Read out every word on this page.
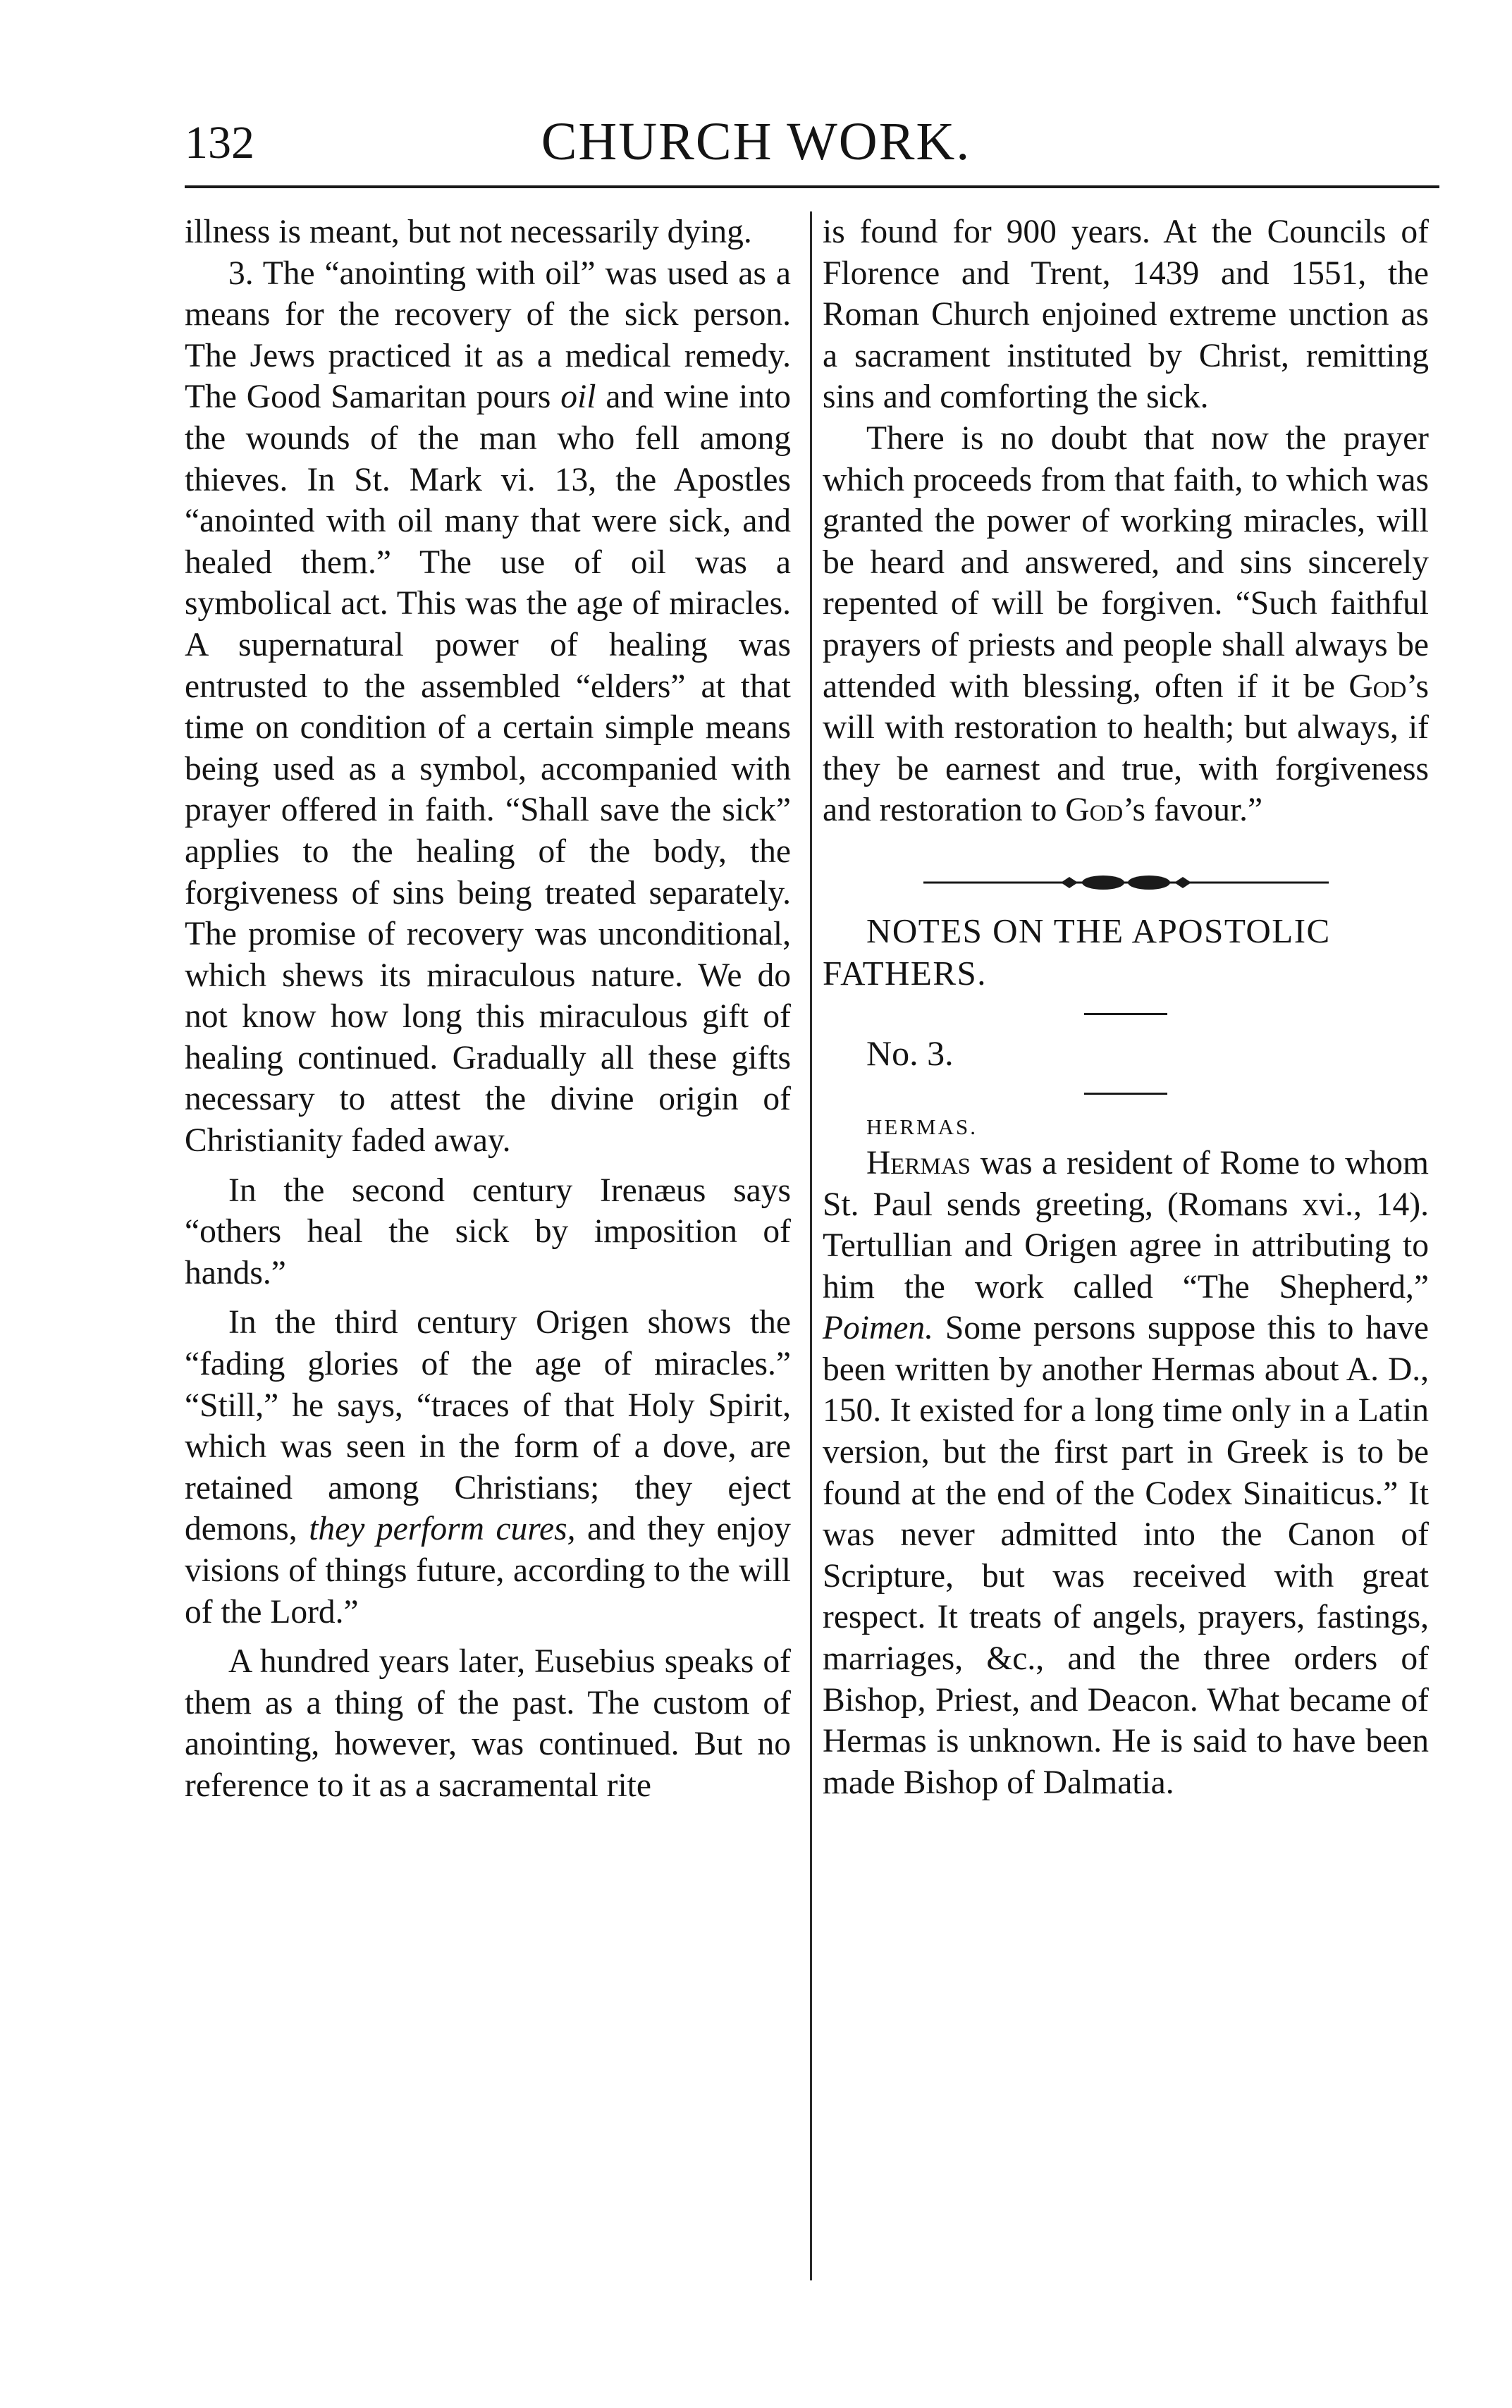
132	CHURCH WORK.

illness is meant, but not necessarily dying.

3. The “anointing with oil” was used as a means for the recovery of the sick person. The Jews practiced it as a medical remedy. The Good Samaritan pours oil and wine into the wounds of the man who fell among thieves. In St. Mark vi. 13, the Apostles “anointed with oil many that were sick, and healed them.” The use of oil was a symbolical act. This was the age of miracles. A supernatural power of healing was entrusted to the assembled “elders” at that time on condition of a certain simple means being used as a symbol, accompanied with prayer offered in faith. “Shall save the sick” applies to the healing of the body, the forgiveness of sins being treated separately. The promise of recovery was unconditional, which shews its miraculous nature. We do not know how long this miraculous gift of healing continued. Gradually all these gifts necessary to attest the divine origin of Christianity faded away.

In the second century Irenæus says “others heal the sick by imposition of hands.”

In the third century Origen shows the “fading glories of the age of miracles.” “Still,” he says, “traces of that Holy Spirit, which was seen in the form of a dove, are retained among Christians; they eject demons, they perform cures, and they enjoy visions of things future, according to the will of the Lord.”

A hundred years later, Eusebius speaks of them as a thing of the past. The custom of anointing, however, was continued. But no reference to it as a sacramental rite

is found for 900 years. At the Councils of Florence and Trent, 1439 and 1551, the Roman Church enjoined extreme unction as a sacrament instituted by Christ, remitting sins and comforting the sick.

There is no doubt that now the prayer which proceeds from that faith, to which was granted the power of working miracles, will be heard and answered, and sins sincerely repented of will be forgiven. “Such faithful prayers of priests and people shall always be attended with blessing, often if it be God’s will with restoration to health; but always, if they be earnest and true, with forgiveness and restoration to God’s favour.”

NOTES ON THE APOSTOLIC
FATHERS.

No. 3.

HERMAS.

Hermas was a resident of Rome to whom St. Paul sends greeting, (Romans xvi., 14). Tertullian and Origen agree in attributing to him the work called “The Shepherd,” Poimen. Some persons suppose this to have been written by another Hermas about A. D., 150. It existed for a long time only in a Latin version, but the first part in Greek is to be found at the end of the Codex Sinaiticus.” It was never admitted into the Canon of Scripture, but was received with great respect. It treats of angels, prayers, fastings, marriages, &c., and the three orders of Bishop, Priest, and Deacon. What became of Hermas is unknown. He is said to have been made Bishop of Dalmatia.
